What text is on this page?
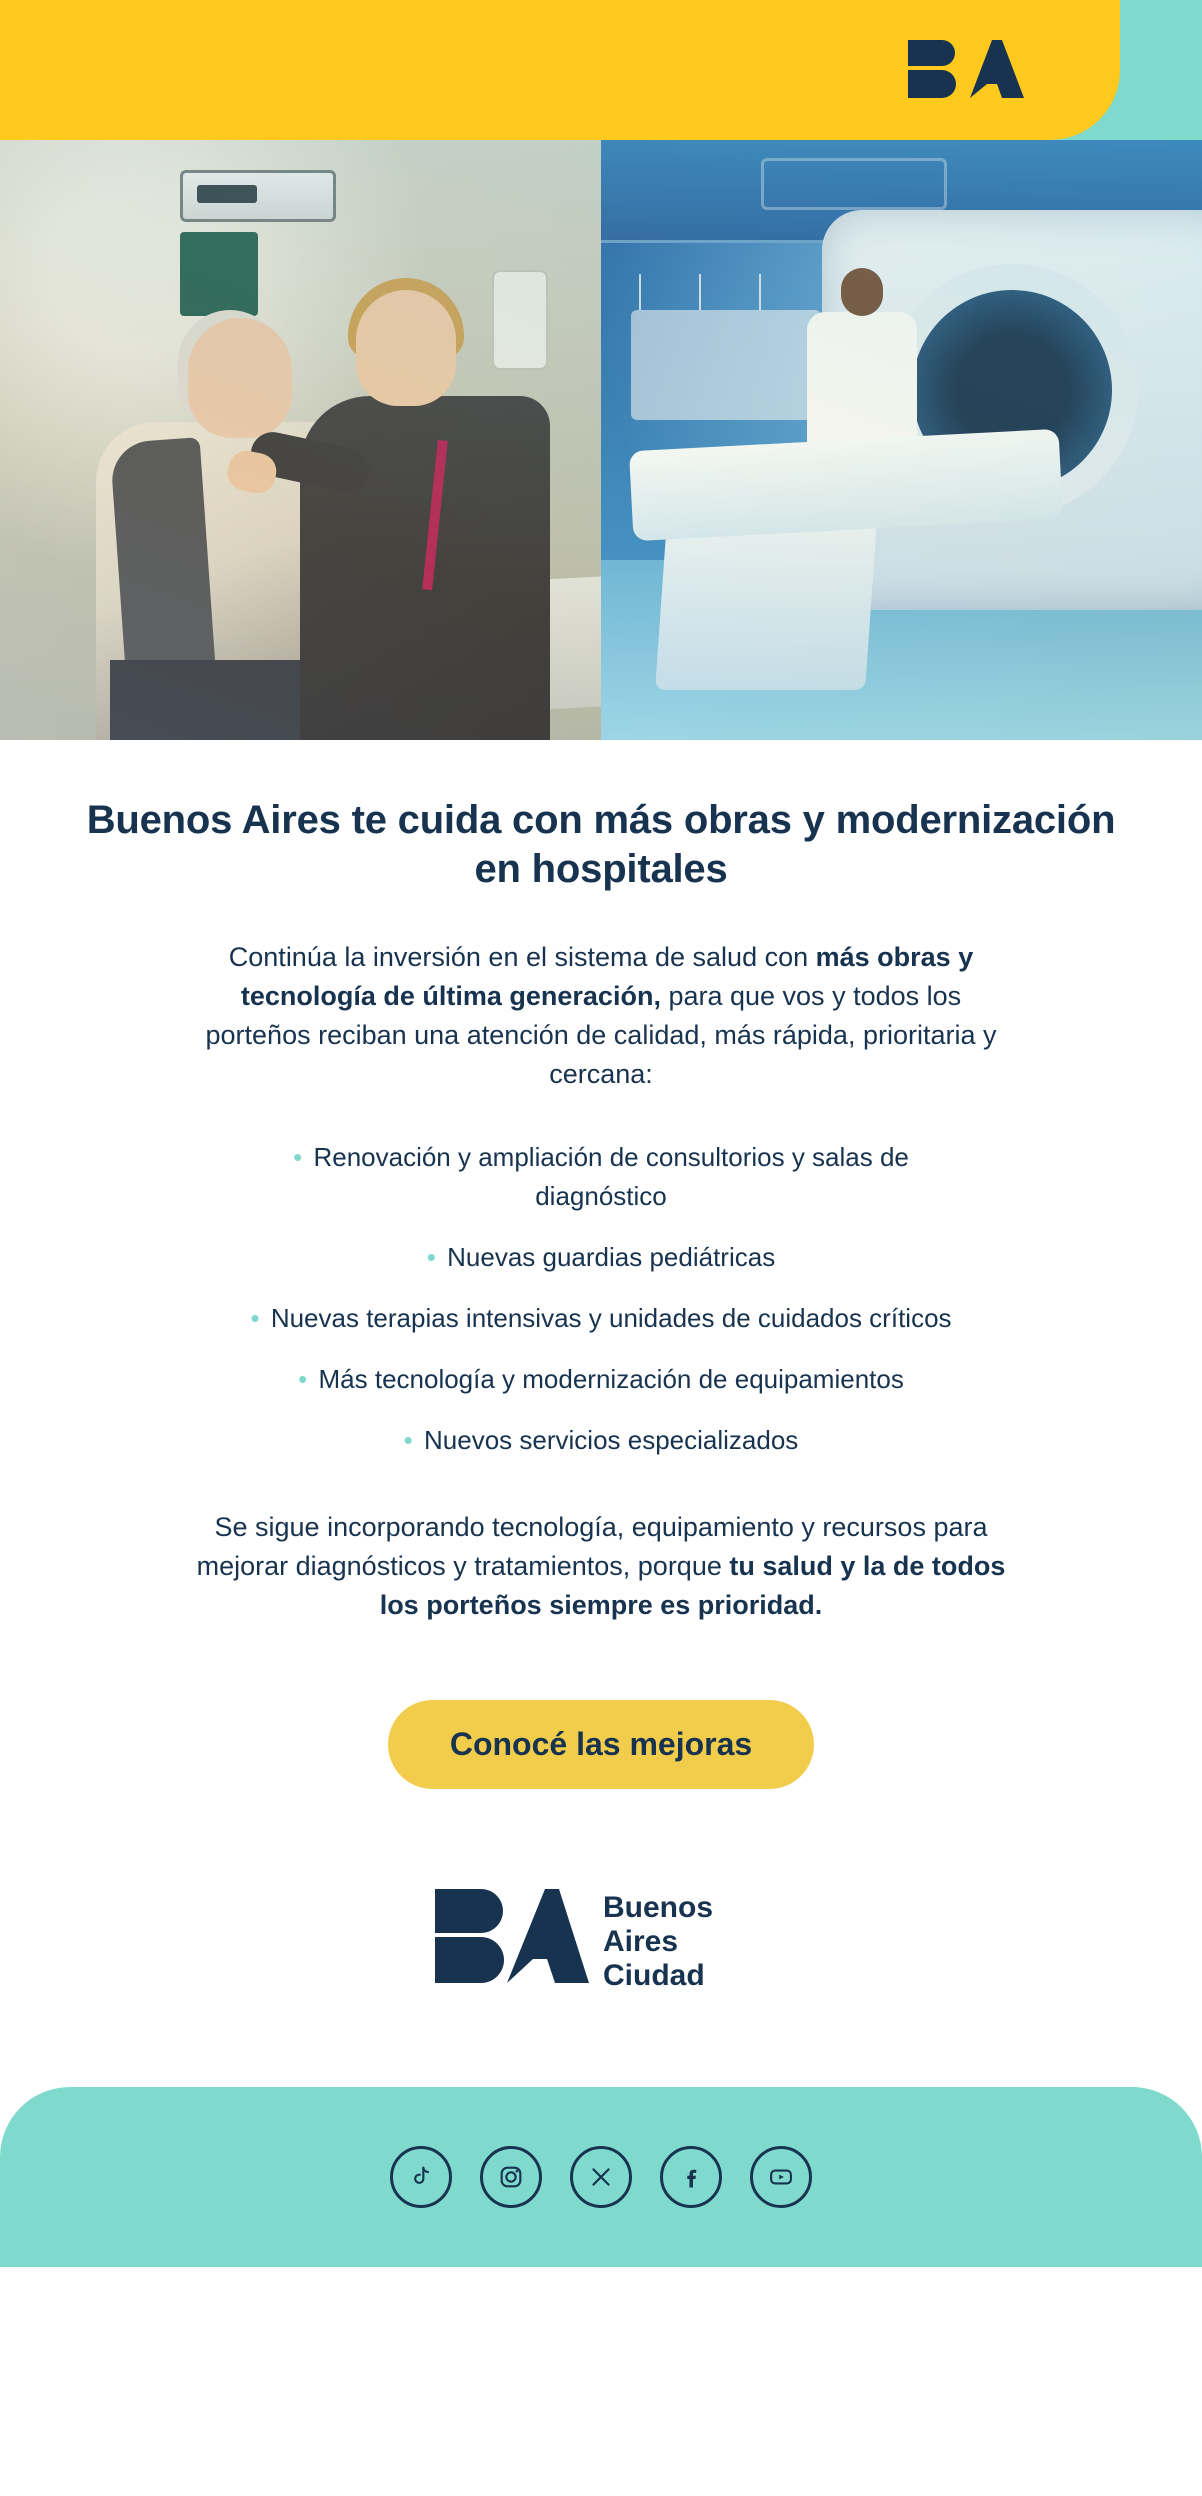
Buenos Aires te cuida con más obras y modernización en hospitales

Continúa la inversión en el sistema de salud con más obras y tecnología de última generación, para que vos y todos los porteños reciban una atención de calidad, más rápida, prioritaria y cercana:

• Renovación y ampliación de consultorios y salas de diagnóstico
• Nuevas guardias pediátricas
• Nuevas terapias intensivas y unidades de cuidados críticos
• Más tecnología y modernización de equipamientos
• Nuevos servicios especializados

Se sigue incorporando tecnología, equipamiento y recursos para mejorar diagnósticos y tratamientos, porque tu salud y la de todos los porteños siempre es prioridad.

Conocé las mejoras
Buenos
Aires
Ciudad
